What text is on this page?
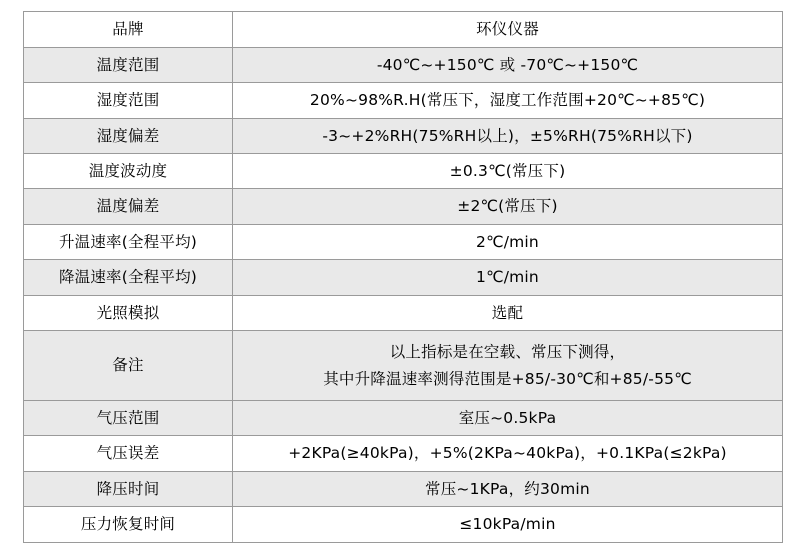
品牌	环仪仪器
温度范围	-40℃~+150℃ 或 -70℃~+150℃
湿度范围	20%~98%R.H(常压下，湿度工作范围+20℃~+85℃)
湿度偏差	-3~+2%RH(75%RH以上)，±5%RH(75%RH以下)
温度波动度	±0.3℃(常压下)
温度偏差	±2℃(常压下)
升温速率(全程平均)	2℃/min
降温速率(全程平均)	1℃/min
光照模拟	选配
备注	以上指标是在空载、常压下测得，
其中升降温速率测得范围是+85/-30℃和+85/-55℃

气压范围	室压~0.5kPa
气压误差	+2KPa(≥40kPa)，+5%(2KPa~40kPa)，+0.1KPa(≤2kPa)
降压时间	常压~1KPa，约30min
压力恢复时间	≤10kPa/min
